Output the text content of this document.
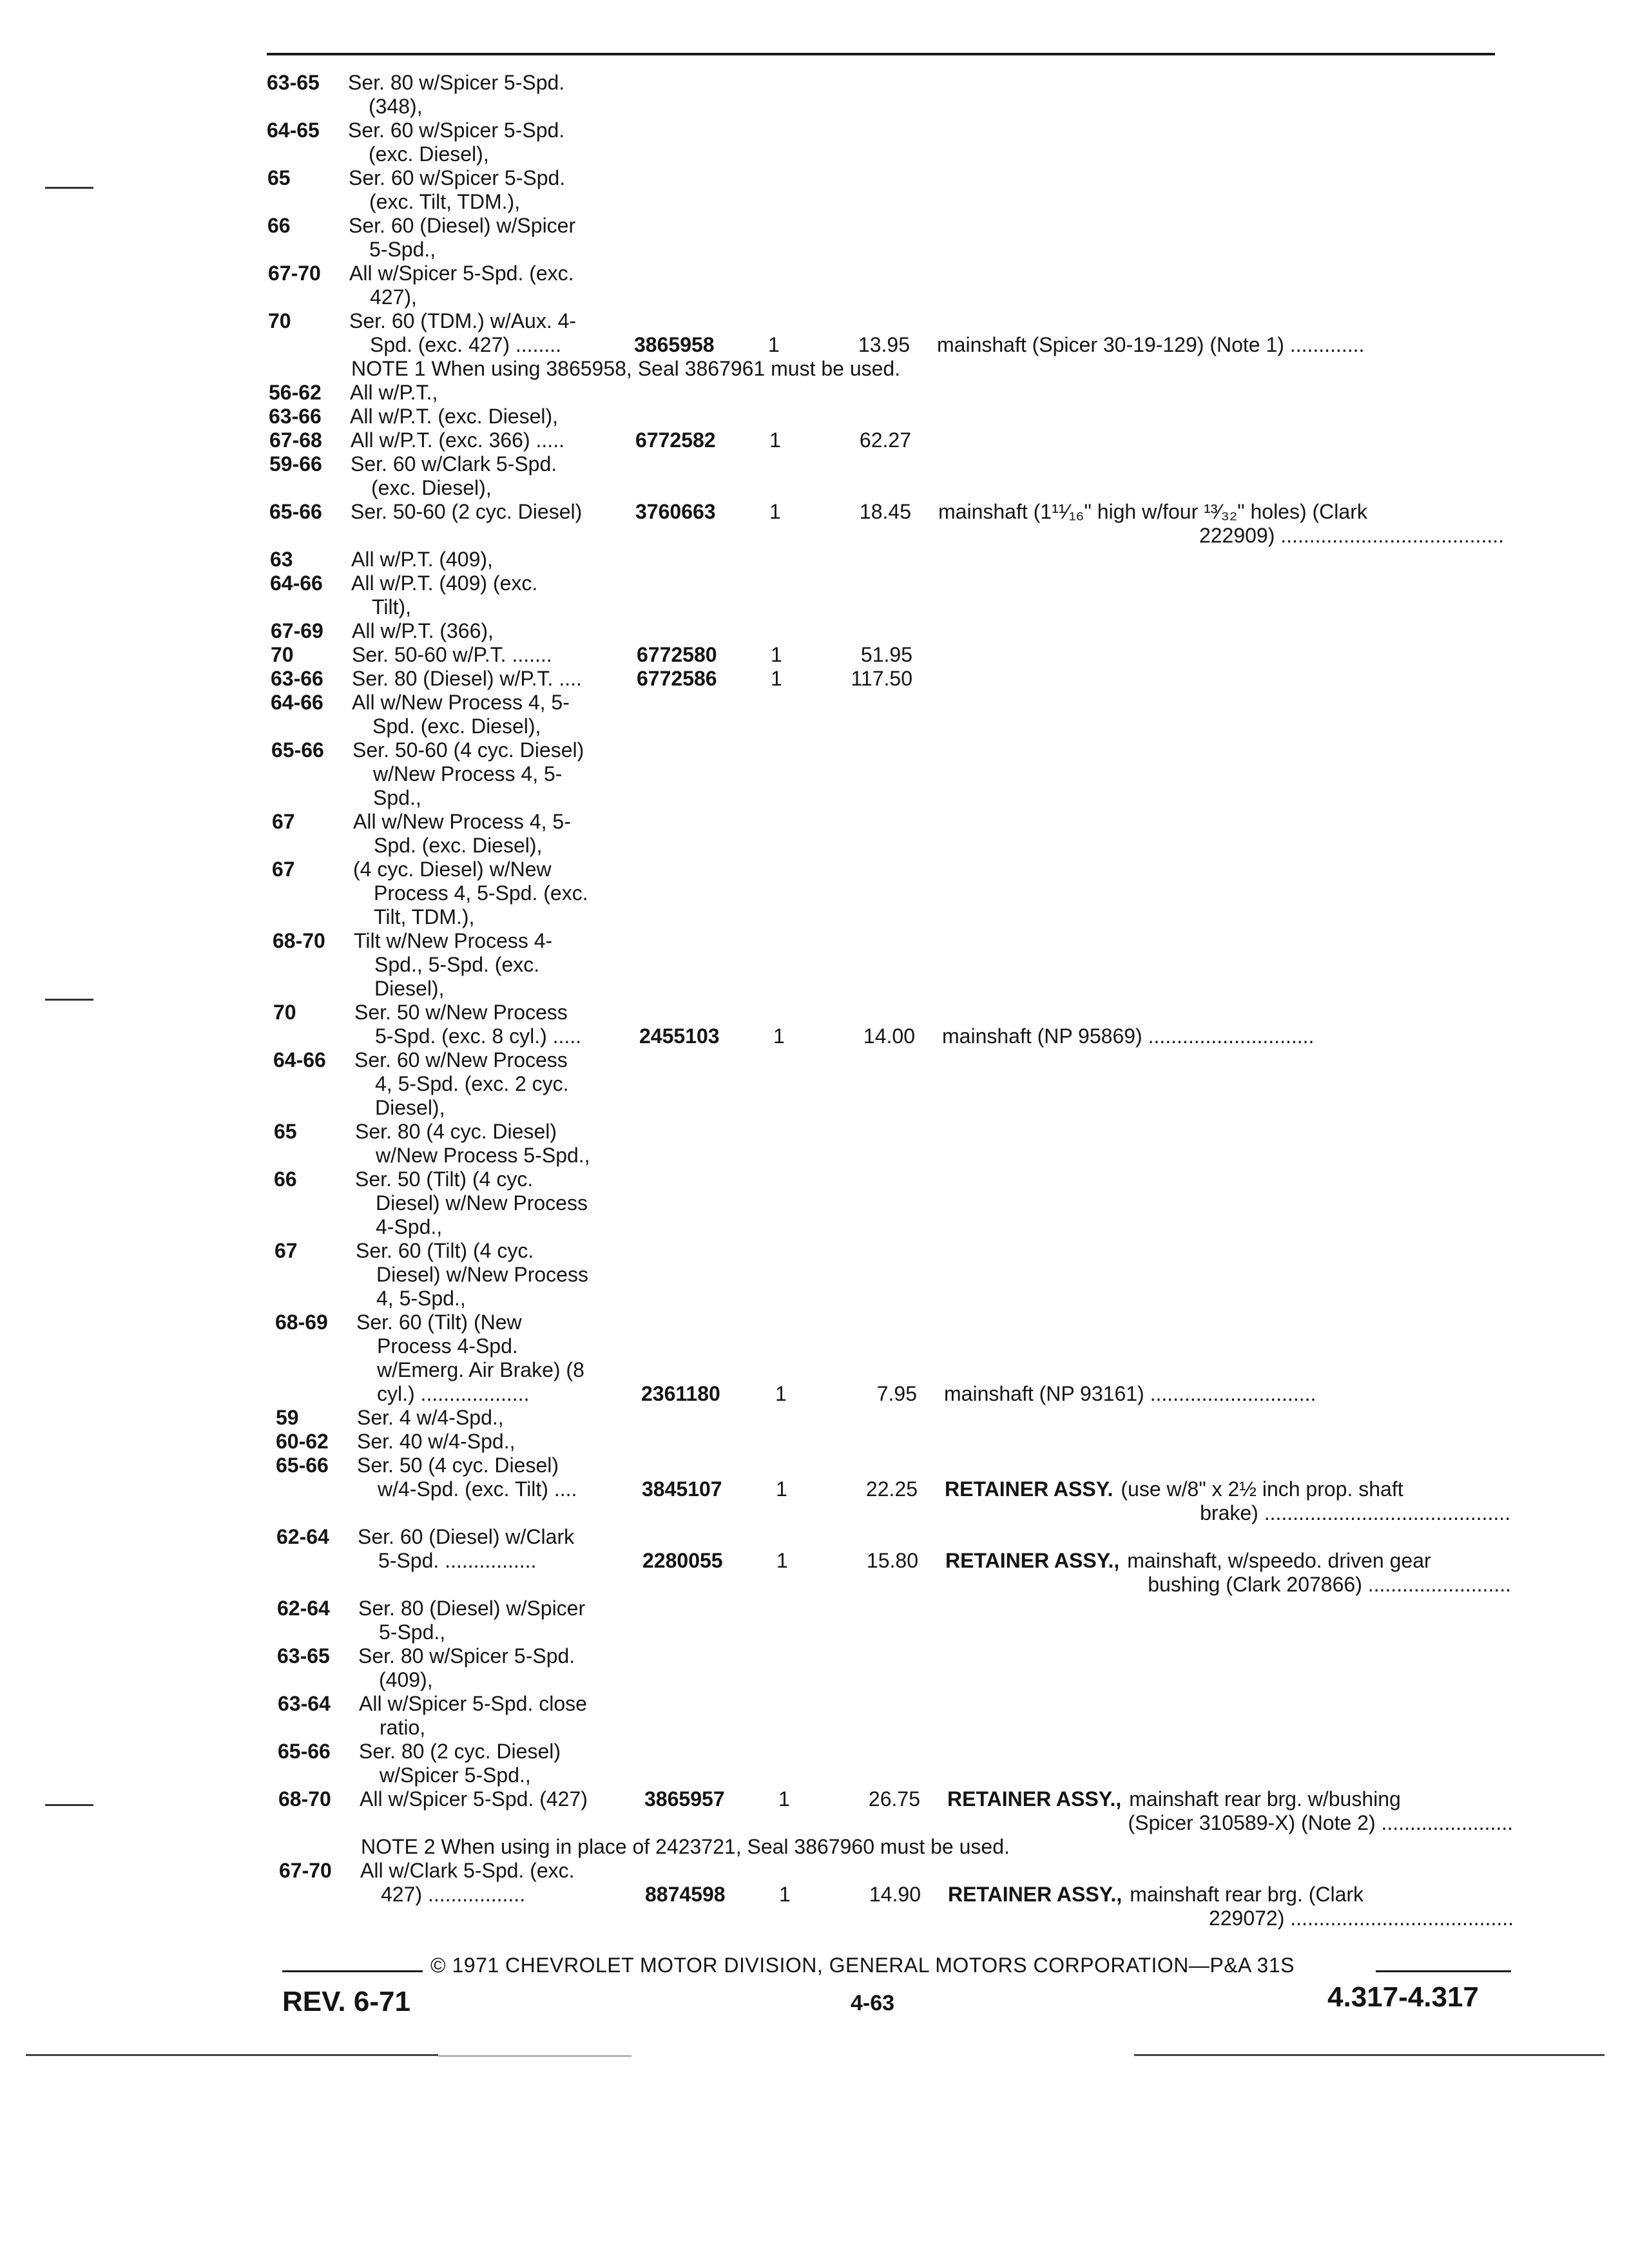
63-65 Ser. 80 w/Spicer 5-Spd.
(348),
64-65 Ser. 60 w/Spicer 5-Spd.
(exc. Diesel),
65	Ser. 60 w/Spicer 5-Spd.
(exc. Tilt, TDM.),
66	Ser. 60 (Diesel) w/Spicer
5-Spd.,
67-70 All w/Spicer 5-Spd. (exc.
427),
70	Ser. 60 (TDM.) w/Aux. 4-
Spd. (exc. 427) ........	3865958	1	13.95 mainshaft (Spicer 30-19-129) (Note 1) .............
NOTE 1 When using 3865958, Seal 3867961 must be used.
56-62 All w/P.T.,
63-66 All w/P.T. (exc. Diesel),
67-68 All w/P.T. (exc. 366) .....	6772582	1	62.27
59-66 Ser. 60 w/Clark 5-Spd.
(exc. Diesel),
65-66 Ser. 50-60 (2 cyc. Diesel)	3760663	1	18.45 mainshaft (1¹¹⁄₁₆" high w/four ¹³⁄₃₂" holes) (Clark
222909) .......................................
63	All w/P.T. (409),
64-66 All w/P.T. (409) (exc.
Tilt),
67-69 All w/P.T. (366),
70	Ser. 50-60 w/P.T. .......	6772580	1	51.95
63-66 Ser. 80 (Diesel) w/P.T. ....	6772586	1	117.50
64-66 All w/New Process 4, 5-
Spd. (exc. Diesel),
65-66 Ser. 50-60 (4 cyc. Diesel)
w/New Process 4, 5-
Spd.,
67	All w/New Process 4, 5-
Spd. (exc. Diesel),
67	(4 cyc. Diesel) w/New
Process 4, 5-Spd. (exc.
Tilt, TDM.),
68-70 Tilt w/New Process 4-
Spd., 5-Spd. (exc.
Diesel),
70	Ser. 50 w/New Process
5-Spd. (exc. 8 cyl.) .....	2455103	1	14.00 mainshaft (NP 95869) .............................
64-66 Ser. 60 w/New Process
4, 5-Spd. (exc. 2 cyc.
Diesel),
65	Ser. 80 (4 cyc. Diesel)
w/New Process 5-Spd.,
66	Ser. 50 (Tilt) (4 cyc.
Diesel) w/New Process
4-Spd.,
67	Ser. 60 (Tilt) (4 cyc.
Diesel) w/New Process
4, 5-Spd.,
68-69 Ser. 60 (Tilt) (New
Process 4-Spd.
w/Emerg. Air Brake) (8
cyl.) ...................	2361180	1	7.95 mainshaft (NP 93161) .............................
59	Ser. 4 w/4-Spd.,
60-62 Ser. 40 w/4-Spd.,
65-66 Ser. 50 (4 cyc. Diesel)
w/4-Spd. (exc. Tilt) ....	3845107	1	22.25 RETAINER ASSY. (use w/8" x 2½ inch prop. shaft
brake) ...........................................
62-64 Ser. 60 (Diesel) w/Clark
5-Spd. ................	2280055	1	15.80 RETAINER ASSY., mainshaft, w/speedo. driven gear
bushing (Clark 207866) .........................
62-64 Ser. 80 (Diesel) w/Spicer
5-Spd.,
63-65 Ser. 80 w/Spicer 5-Spd.
(409),
63-64 All w/Spicer 5-Spd. close
ratio,
65-66 Ser. 80 (2 cyc. Diesel)
w/Spicer 5-Spd.,
68-70 All w/Spicer 5-Spd. (427)	3865957	1	26.75 RETAINER ASSY., mainshaft rear brg. w/bushing
(Spicer 310589-X) (Note 2) .......................
NOTE 2 When using in place of 2423721, Seal 3867960 must be used.
67-70 All w/Clark 5-Spd. (exc.
427) .................	8874598	1	14.90 RETAINER ASSY., mainshaft rear brg. (Clark
229072) .......................................
© 1971 CHEVROLET MOTOR DIVISION, GENERAL MOTORS CORPORATION—P&A 31S
REV. 6-71	4-63	4.317-4.317
